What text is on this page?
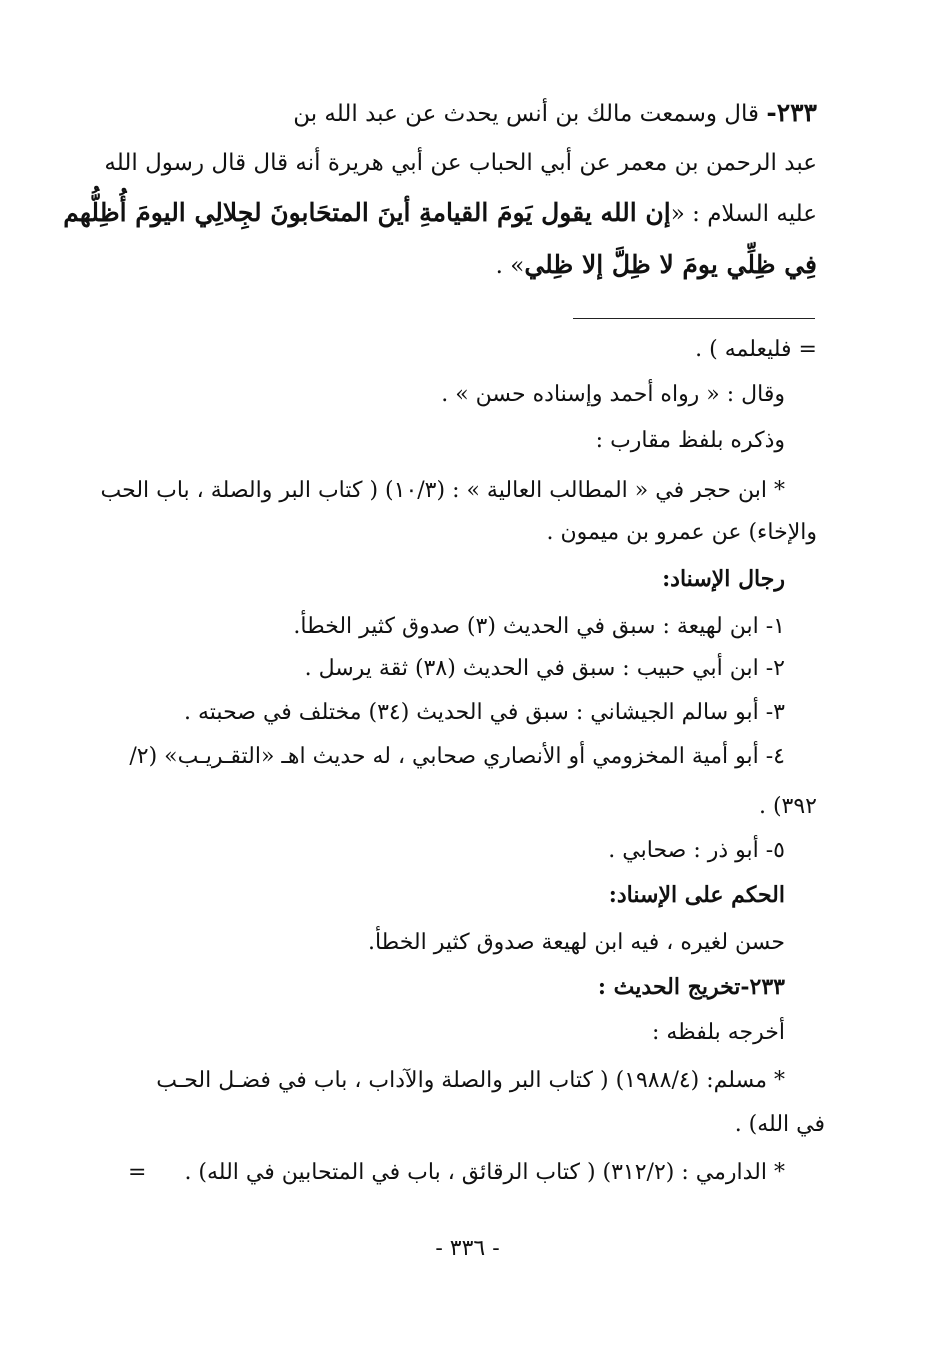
٢٣٣- قال وسمعت مالك بن أنس يحدث عن عبد الله بن
عبد الرحمن بن معمر عن أبي الحباب عن أبي هريرة أنه قال قال رسول الله
عليه السلام : «إن الله يقول يَومَ القيامةِ أينَ المتحَابونَ لجِلالِي اليومَ أُظِلُّهم
فِي ظِلِّي يومَ لا ظِلَّ إلا ظِلي» .
= فليعلمه ) .
وقال : « رواه أحمد وإسناده حسن » .
وذكره بلفظ مقارب :
* ابن حجر في « المطالب العالية » : (١٠/٣) ( كتاب البر والصلة ، باب الحب
والإخاء) عن عمرو بن ميمون .
رجال الإسناد:
١- ابن لهيعة : سبق في الحديث (٣) صدوق كثير الخطأ.
٢- ابن أبي حبيب : سبق في الحديث (٣٨) ثقة يرسل .
٣- أبو سالم الجيشاني : سبق في الحديث (٣٤) مختلف في صحبته .
٤- أبو أمية المخزومي أو الأنصاري صحابي ، له حديث اهـ «التقـريـب» (٢/
٣٩٢) .
٥- أبو ذر : صحابي .
الحكم على الإسناد:
حسن لغيره ، فيه ابن لهيعة صدوق كثير الخطأ.
٢٣٣-تخريج الحديث :
أخرجه بلفظه :
* مسلم: (١٩٨٨/٤) ( كتاب البر والصلة والآداب ، باب في فضـل الحـب
في الله) .
* الدارمي : (٣١٢/٢) ( كتاب الرقائق ، باب في المتحابين في الله) .
=
- ٣٣٦ -
